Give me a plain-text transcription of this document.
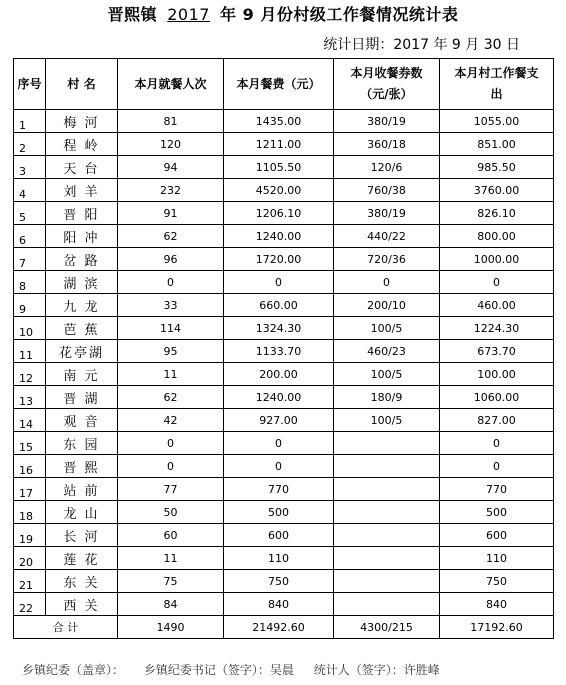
晋熙镇 2017 年 9 月份村级工作餐情况统计表
统计日期：2017 年 9 月 30 日
序号	村 名	本月就餐人次	本月餐费（元）	本月收餐券数（元/张）	本月村工作餐支出
1	梅 河	81	1435.00	380/19	1055.00
2	程 岭	120	1211.00	360/18	851.00
3	天 台	94	1105.50	120/6	985.50
4	刘 羊	232	4520.00	760/38	3760.00
5	晋 阳	91	1206.10	380/19	826.10
6	阳 冲	62	1240.00	440/22	800.00
7	岔 路	96	1720.00	720/36	1000.00
8	湖 滨	0	0	0	0
9	九 龙	33	660.00	200/10	460.00
10	芭 蕉	114	1324.30	100/5	1224.30
11	花亭湖	95	1133.70	460/23	673.70
12	南 元	11	200.00	100/5	100.00
13	晋 湖	62	1240.00	180/9	1060.00
14	观 音	42	927.00	100/5	827.00
15	东 园	0	0		0
16	晋 熙	0	0		0
17	站 前	77	770		770
18	龙 山	50	500		500
19	长 河	60	600		600
20	莲 花	11	110		110
21	东 关	75	750		750
22	西 关	84	840		840
合 计		1490	21492.60	4300/215	17192.60
乡镇纪委（盖章）： 乡镇纪委书记（签字）：吴晨 统计人（签字）：许胜峰
